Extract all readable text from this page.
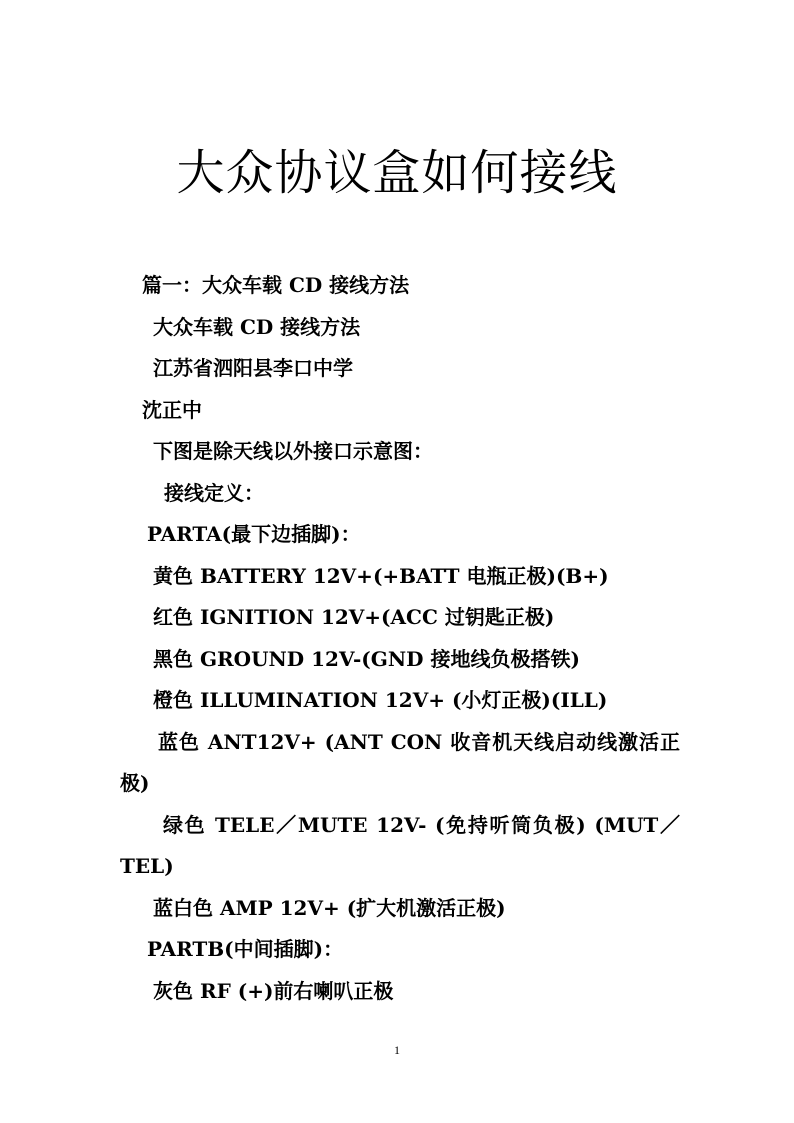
大众协议盒如何接线
篇一：大众车载 CD 接线方法
大众车载 CD 接线方法
江苏省泗阳县李口中学
沈正中
下图是除天线以外接口示意图：
接线定义：
PARTA(最下边插脚)：
黄色 BATTERY 12V+(+BATT 电瓶正极)(B+)
红色 IGNITION 12V+(ACC 过钥匙正极)
黑色 GROUND 12V-(GND 接地线负极搭铁)
橙色 ILLUMINATION 12V+ (小灯正极)(ILL)
蓝色 ANT12V+ (ANT CON 收音机天线启动线激活正极)
绿色 TELE／MUTE 12V- (免持听筒负极) (MUT／TEL)
蓝白色 AMP 12V+ (扩大机激活正极)
PARTB(中间插脚)：
灰色 RF (+)前右喇叭正极
1
